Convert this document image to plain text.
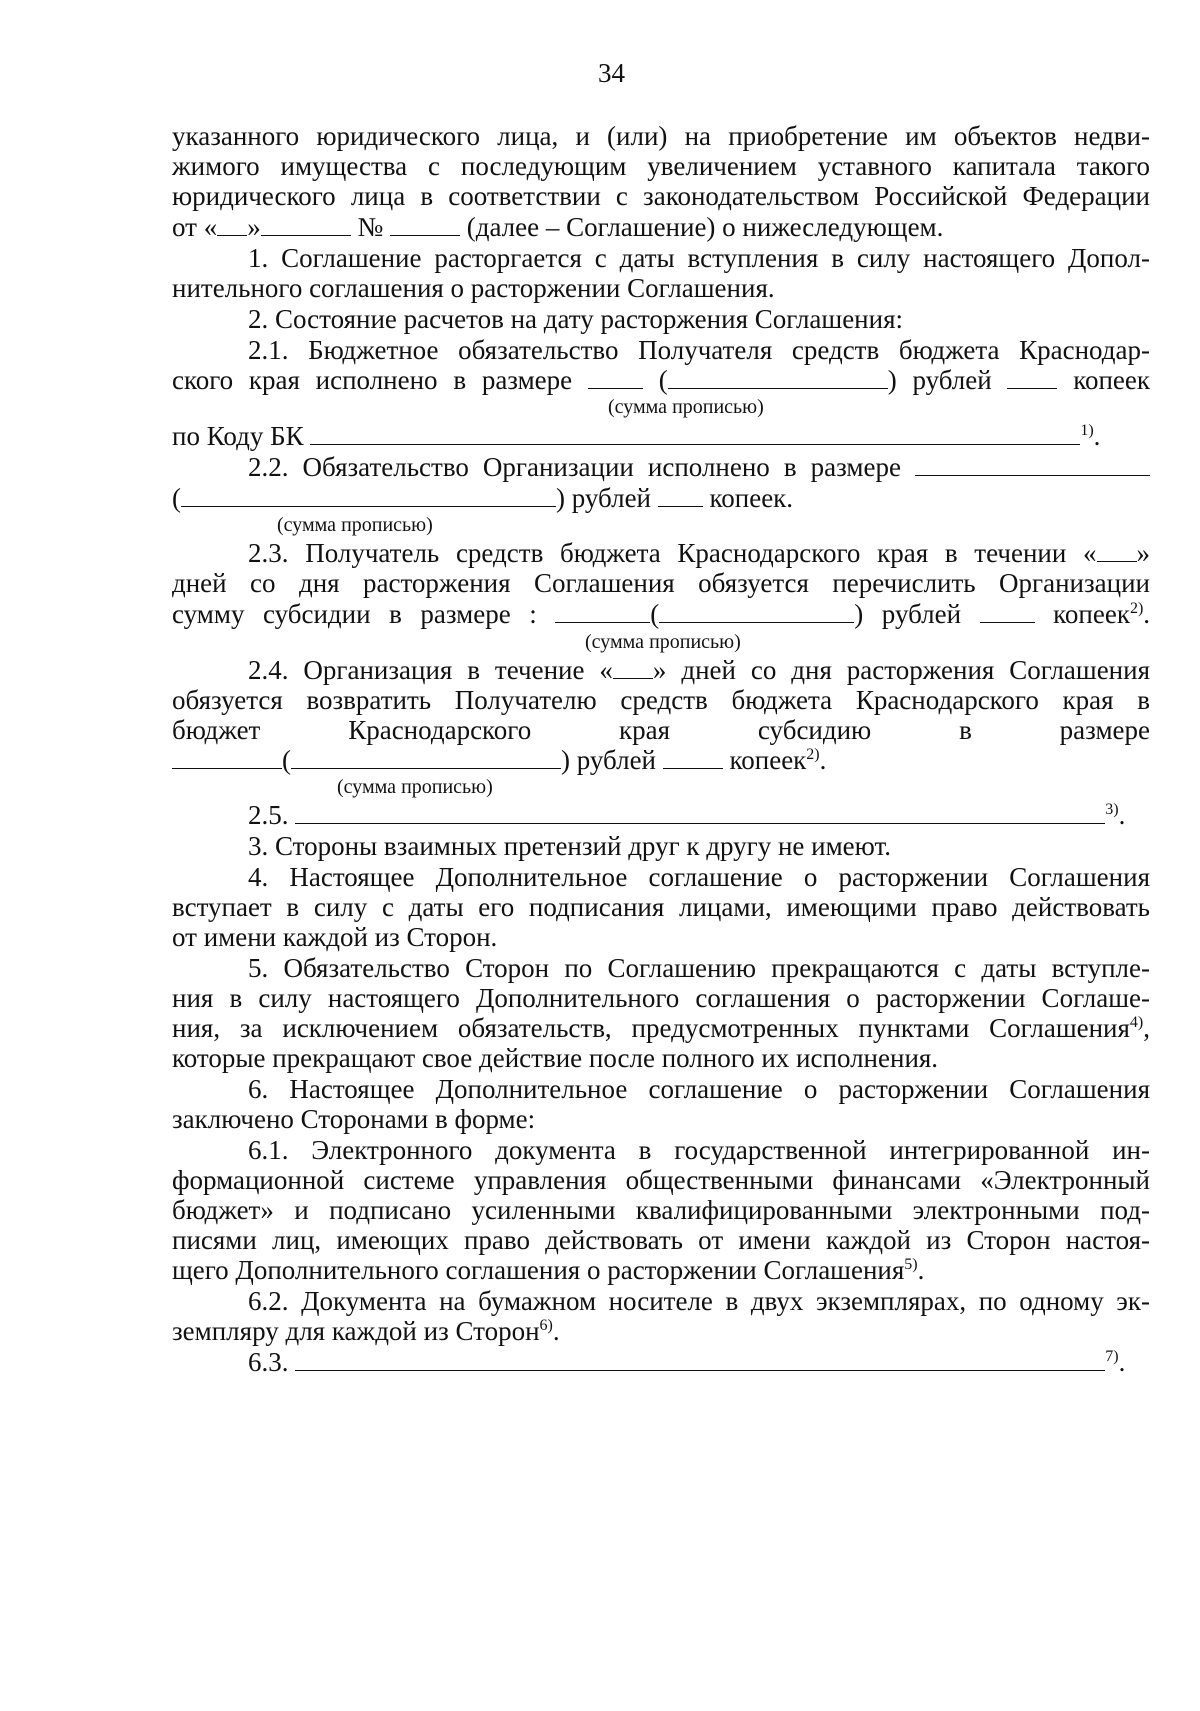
34
указанного юридического лица, и (или) на приобретение им объектов недви-
жимого имущества с последующим увеличением уставного капитала такого
юридического лица в соответствии с законодательством Российской Федерации
от « »	№	(далее – Соглашение) о нижеследующем.
1. Соглашение расторгается с даты вступления в силу настоящего Допол-
нительного соглашения о расторжении Соглашения.
2. Состояние расчетов на дату расторжения Соглашения:
2.1. Бюджетное обязательство Получателя средств бюджета Краснодар-
ского края исполнено в размере	(	) рублей	копеек
(сумма прописью)
по Коду БК	$^{1)}$.
2.2. Обязательство Организации исполнено в размере
(	) рублей копеек.
(сумма прописью)
2.3. Получатель средств бюджета Краснодарского края в течении « »
дней со дня расторжения Соглашения обязуется перечислить Организации
сумму субсидии в размере :	(	) рублей	копеек$^{2)}$.
(сумма прописью)
2.4. Организация в течение « » дней со дня расторжения Соглашения
обязуется возвратить Получателю средств бюджета Краснодарского края в
бюджет Краснодарского края субсидию в размере
(	) рублей	копеек$^{2)}$.
(сумма прописью)
2.5.	$^{3)}$.
3. Стороны взаимных претензий друг к другу не имеют.
4. Настоящее Дополнительное соглашение о расторжении Соглашения
вступает в силу с даты его подписания лицами, имеющими право действовать
от имени каждой из Сторон.
5. Обязательство Сторон по Соглашению прекращаются с даты вступле-
ния в силу настоящего Дополнительного соглашения о расторжении Соглаше-
ния, за исключением обязательств, предусмотренных пунктами Соглашения$^{4)}$,
которые прекращают свое действие после полного их исполнения.
6. Настоящее Дополнительное соглашение о расторжении Соглашения
заключено Сторонами в форме:
6.1. Электронного документа в государственной интегрированной ин-
формационной системе управления общественными финансами «Электронный
бюджет» и подписано усиленными квалифицированными электронными под-
писями лиц, имеющих право действовать от имени каждой из Сторон настоя-
щего Дополнительного соглашения о расторжении Соглашения$^{5)}$.
6.2. Документа на бумажном носителе в двух экземплярах, по одному эк-
земпляру для каждой из Сторон$^{6)}$.
6.3.	$^{7)}$.
